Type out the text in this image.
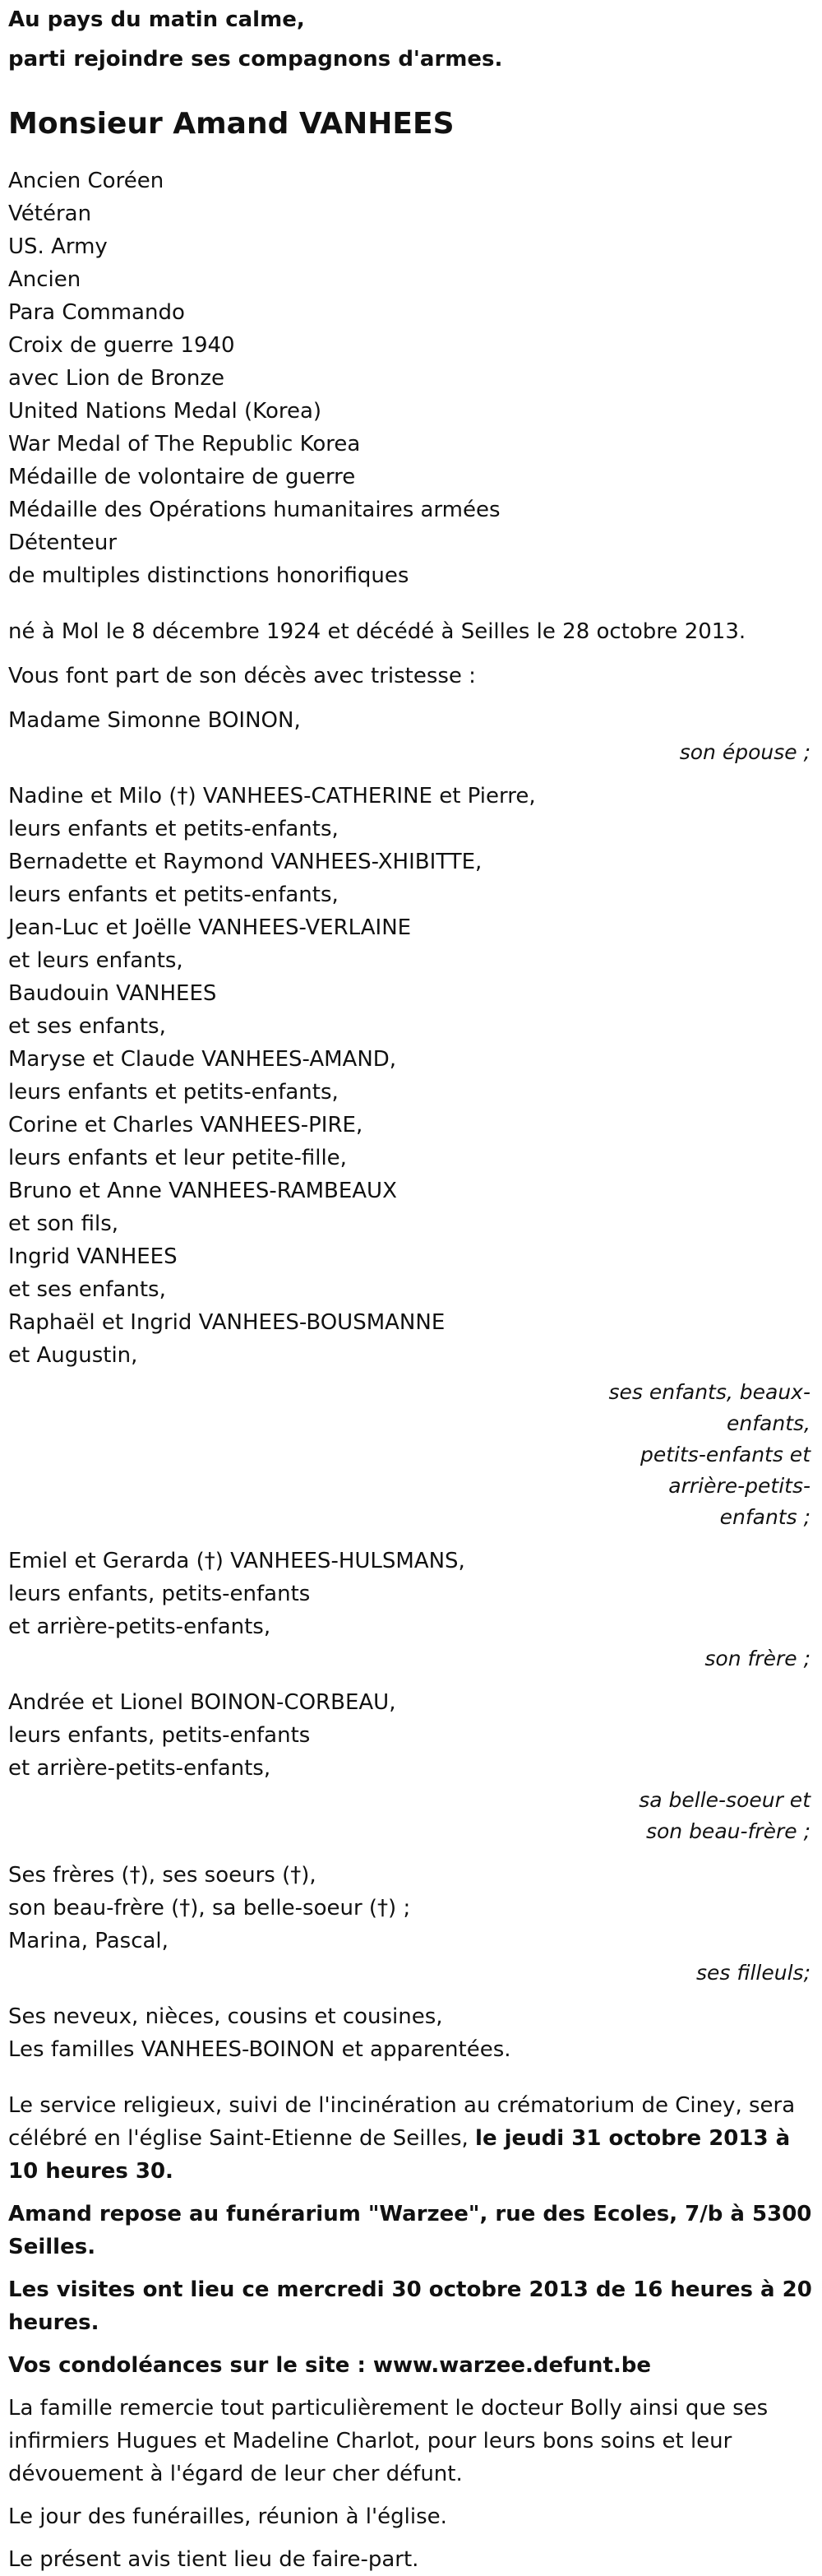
Au pays du matin calme,
parti rejoindre ses compagnons d'armes.
Monsieur Amand VANHEES
Ancien Coréen
Vétéran
US. Army
Ancien
Para Commando
Croix de guerre 1940
avec Lion de Bronze
United Nations Medal (Korea)
War Medal of The Republic Korea
Médaille de volontaire de guerre
Médaille des Opérations humanitaires armées
Détenteur
de multiples distinctions honorifiques
né à Mol le 8 décembre 1924 et décédé à Seilles le 28 octobre 2013.
Vous font part de son décès avec tristesse :
Madame Simonne BOINON,
son épouse ;
Nadine et Milo (†) VANHEES-CATHERINE et Pierre,
leurs enfants et petits-enfants,
Bernadette et Raymond VANHEES-XHIBITTE,
leurs enfants et petits-enfants,
Jean-Luc et Joëlle VANHEES-VERLAINE
et leurs enfants,
Baudouin VANHEES
et ses enfants,
Maryse et Claude VANHEES-AMAND,
leurs enfants et petits-enfants,
Corine et Charles VANHEES-PIRE,
leurs enfants et leur petite-fille,
Bruno et Anne VANHEES-RAMBEAUX
et son fils,
Ingrid VANHEES
et ses enfants,
Raphaël et Ingrid VANHEES-BOUSMANNE
et Augustin,
ses enfants, beaux-
enfants,
petits-enfants et
arrière-petits-
enfants ;
Emiel et Gerarda (†) VANHEES-HULSMANS,
leurs enfants, petits-enfants
et arrière-petits-enfants,
son frère ;
Andrée et Lionel BOINON-CORBEAU,
leurs enfants, petits-enfants
et arrière-petits-enfants,
sa belle-soeur et
son beau-frère ;
Ses frères (†), ses soeurs (†),
son beau-frère (†), sa belle-soeur (†) ;
Marina, Pascal,
ses filleuls;
Ses neveux, nièces, cousins et cousines,
Les familles VANHEES-BOINON et apparentées.
Le service religieux, suivi de l'incinération au crématorium de Ciney, sera célébré en l'église Saint-Etienne de Seilles, le jeudi 31 octobre 2013 à 10 heures 30.
Amand repose au funérarium "Warzee", rue des Ecoles, 7/b à 5300 Seilles.
Les visites ont lieu ce mercredi 30 octobre 2013 de 16 heures à 20 heures.
Vos condoléances sur le site : www.warzee.defunt.be
La famille remercie tout particulièrement le docteur Bolly ainsi que ses infirmiers Hugues et Madeline Charlot, pour leurs bons soins et leur dévouement à l'égard de leur cher défunt.
Le jour des funérailles, réunion à l'église.
Le présent avis tient lieu de faire-part.
